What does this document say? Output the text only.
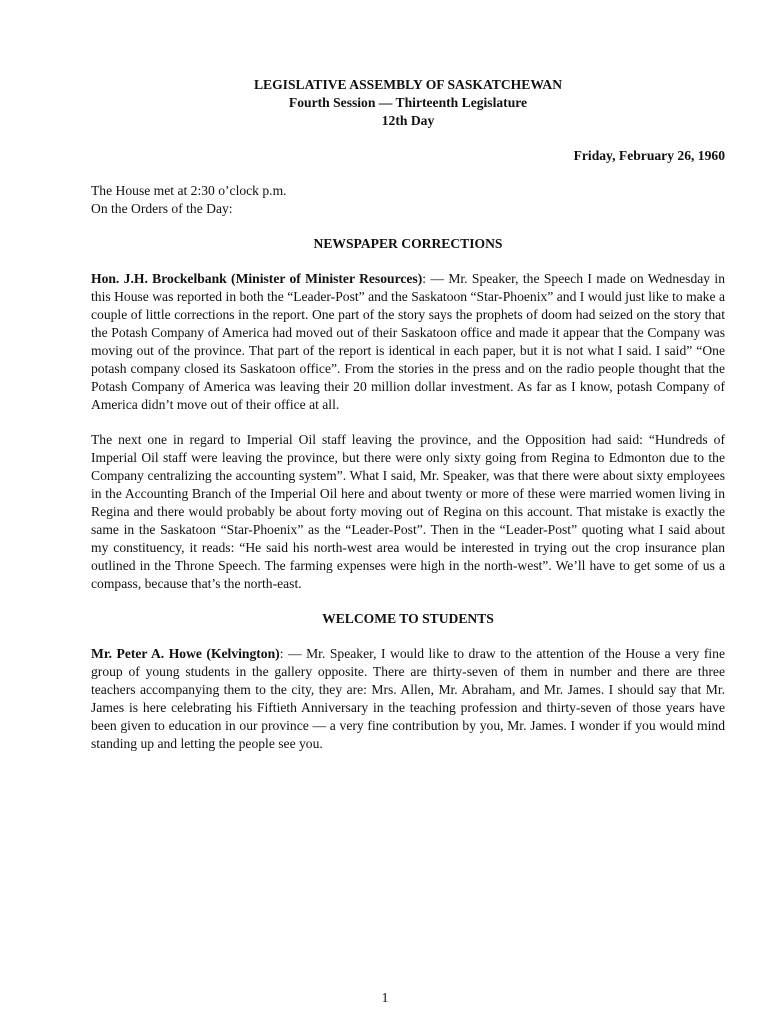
LEGISLATIVE ASSEMBLY OF SASKATCHEWAN
Fourth Session — Thirteenth Legislature
12th Day
Friday, February 26, 1960
The House met at 2:30 o’clock p.m.
On the Orders of the Day:
NEWSPAPER CORRECTIONS

Hon. J.H. Brockelbank (Minister of Minister Resources): — Mr. Speaker, the Speech I made on Wednesday in this House was reported in both the “Leader-Post” and the Saskatoon “Star-Phoenix” and I would just like to make a couple of little corrections in the report. One part of the story says the prophets of doom had seized on the story that the Potash Company of America had moved out of their Saskatoon office and made it appear that the Company was moving out of the province. That part of the report is identical in each paper, but it is not what I said. I said” “One potash company closed its Saskatoon office”. From the stories in the press and on the radio people thought that the Potash Company of America was leaving their 20 million dollar investment. As far as I know, potash Company of America didn’t move out of their office at all.

The next one in regard to Imperial Oil staff leaving the province, and the Opposition had said: “Hundreds of Imperial Oil staff were leaving the province, but there were only sixty going from Regina to Edmonton due to the Company centralizing the accounting system”. What I said, Mr. Speaker, was that there were about sixty employees in the Accounting Branch of the Imperial Oil here and about twenty or more of these were married women living in Regina and there would probably be about forty moving out of Regina on this account. That mistake is exactly the same in the Saskatoon “Star-Phoenix” as the “Leader-Post”. Then in the “Leader-Post” quoting what I said about my constituency, it reads: “He said his north-west area would be interested in trying out the crop insurance plan outlined in the Throne Speech. The farming expenses were high in the north-west”. We’ll have to get some of us a compass, because that’s the north-east.

WELCOME TO STUDENTS

Mr. Peter A. Howe (Kelvington): — Mr. Speaker, I would like to draw to the attention of the House a very fine group of young students in the gallery opposite. There are thirty-seven of them in number and there are three teachers accompanying them to the city, they are: Mrs. Allen, Mr. Abraham, and Mr. James. I should say that Mr. James is here celebrating his Fiftieth Anniversary in the teaching profession and thirty-seven of those years have been given to education in our province — a very fine contribution by you, Mr. James. I wonder if you would mind standing up and letting the people see you.

1
